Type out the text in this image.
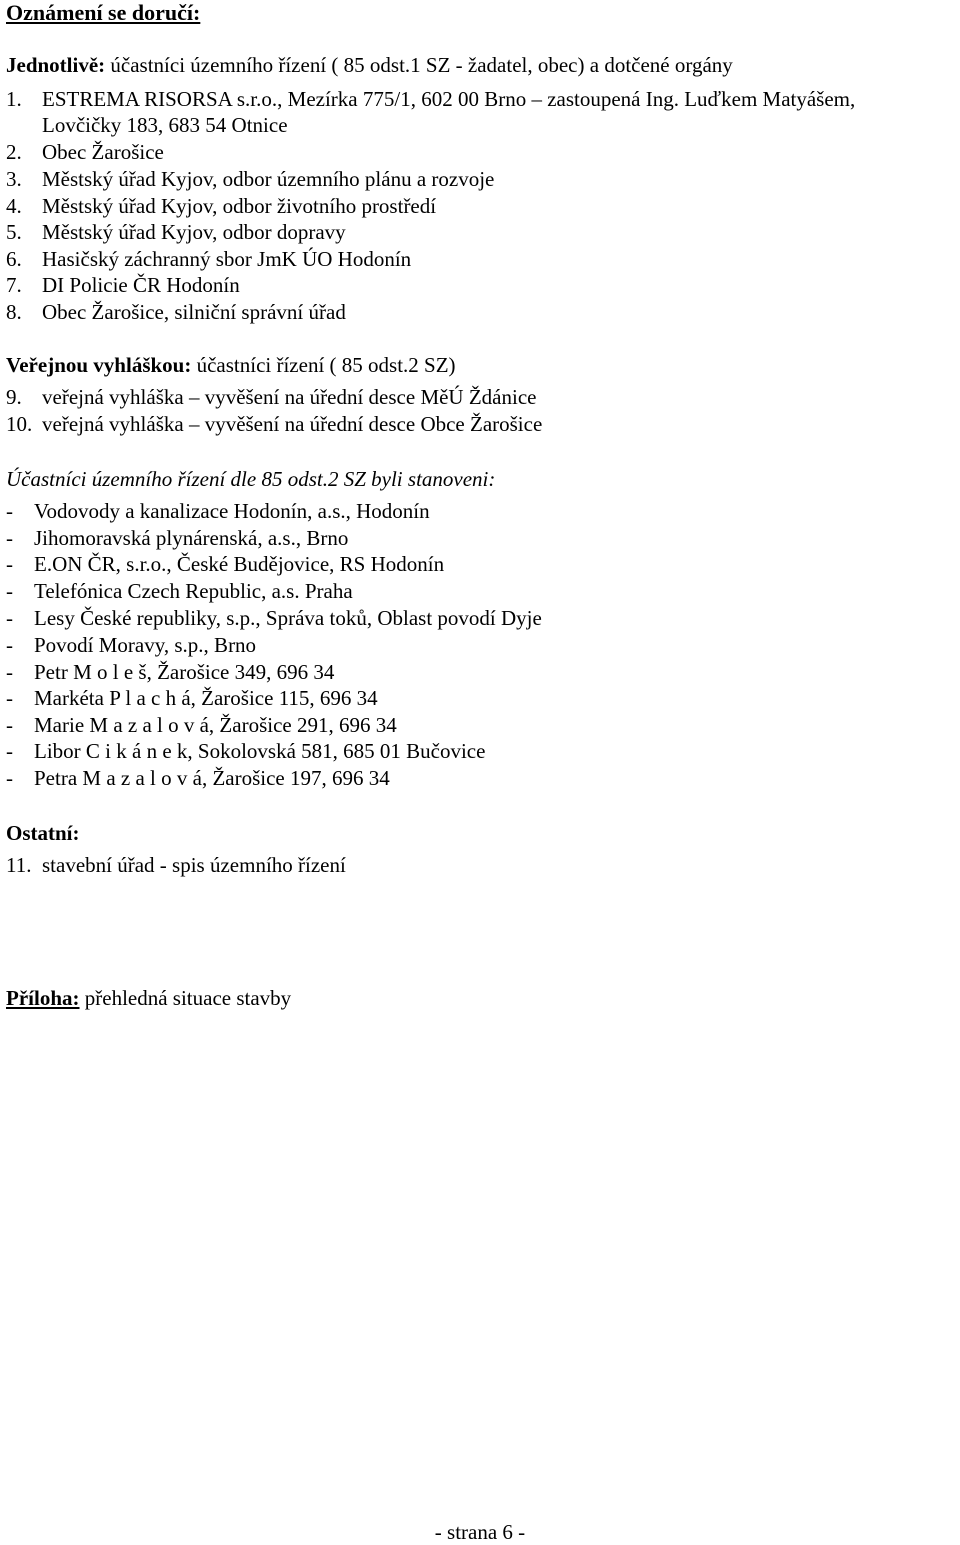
Oznámení se doručí:
Jednotlivě: účastníci územního řízení ( 85 odst.1 SZ - žadatel, obec) a dotčené orgány
1. ESTREMA RISORSA s.r.o., Mezírka 775/1, 602 00 Brno – zastoupená Ing. Luďkem Matyášem,
Lovčičky 183, 683 54 Otnice
2. Obec Žarošice
3. Městský úřad Kyjov, odbor územního plánu a rozvoje
4. Městský úřad Kyjov, odbor životního prostředí
5. Městský úřad Kyjov, odbor dopravy
6. Hasičský záchranný sbor JmK ÚO Hodonín
7. DI Policie ČR Hodonín
8. Obec Žarošice, silniční správní úřad
Veřejnou vyhláškou: účastníci řízení ( 85 odst.2 SZ)
9. veřejná vyhláška – vyvěšení na úřední desce MěÚ Ždánice
10. veřejná vyhláška – vyvěšení na úřední desce Obce Žarošice
Účastníci územního řízení dle 85 odst.2 SZ byli stanoveni:
- Vodovody a kanalizace Hodonín, a.s., Hodonín
- Jihomoravská plynárenská, a.s., Brno
- E.ON ČR, s.r.o., České Budějovice, RS Hodonín
- Telefónica Czech Republic, a.s. Praha
- Lesy České republiky, s.p., Správa toků, Oblast povodí Dyje
- Povodí Moravy, s.p., Brno
- Petr M o l e š, Žarošice 349, 696 34
- Markéta P l a c h á, Žarošice 115, 696 34
- Marie M a z a l o v á, Žarošice 291, 696 34
- Libor C i k á n e k, Sokolovská 581, 685 01 Bučovice
- Petra M a z a l o v á, Žarošice 197, 696 34
Ostatní:
11. stavební úřad - spis územního řízení
Příloha: přehledná situace stavby
- strana 6 -
